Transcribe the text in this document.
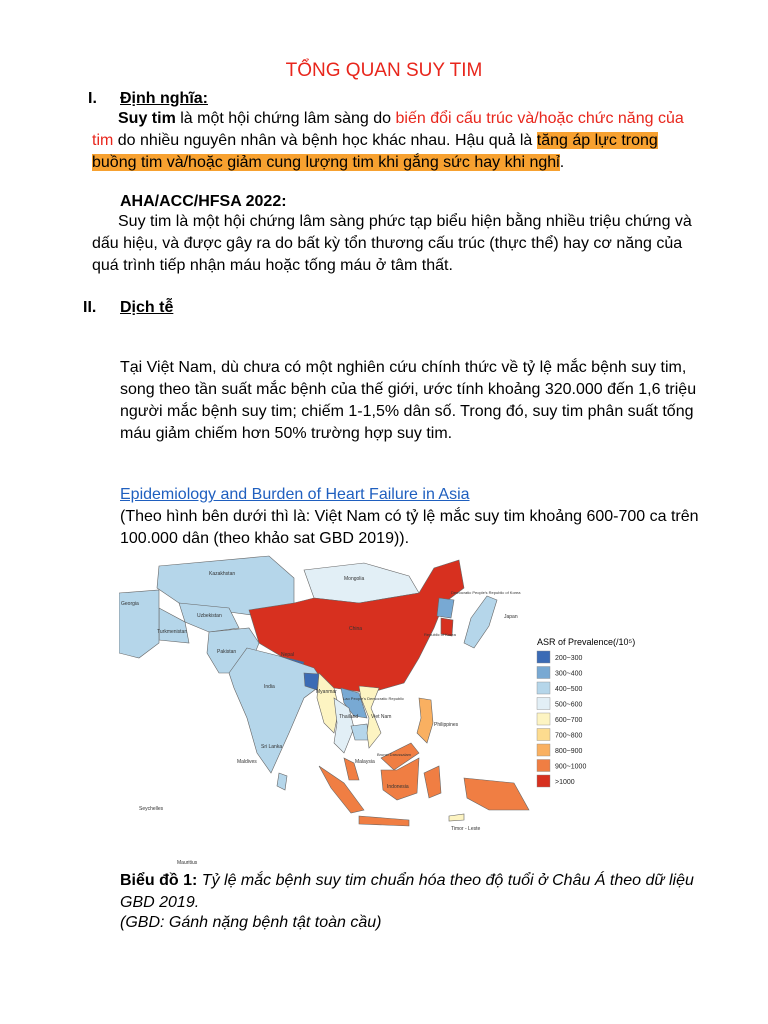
TỔNG QUAN SUY TIM
I. Định nghĩa:
Suy tim là một hội chứng lâm sàng do biến đổi cấu trúc và/hoặc chức năng của tim do nhiều nguyên nhân và bệnh học khác nhau. Hậu quả là tăng áp lực trong buồng tim và/hoặc giảm cung lượng tim khi gắng sức hay khi nghỉ.
AHA/ACC/HFSA 2022:
Suy tim là một hội chứng lâm sàng phức tạp biểu hiện bằng nhiều triệu chứng và dấu hiệu, và được gây ra do bất kỳ tổn thương cấu trúc (thực thể) hay cơ năng của quá trình tiếp nhận máu hoặc tống máu ở tâm thất.
II. Dịch tễ
Tại Việt Nam, dù chưa có một nghiên cứu chính thức về tỷ lệ mắc bệnh suy tim, song theo tần suất mắc bệnh của thế giới, ước tính khoảng 320.000 đến 1,6 triệu người mắc bệnh suy tim; chiếm 1-1,5% dân số. Trong đó, suy tim phân suất tống máu giảm chiếm hơn 50% trường hợp suy tim.
Epidemiology and Burden of Heart Failure in Asia
(Theo hình bên dưới thì là: Việt Nam có tỷ lệ mắc suy tim khoảng 600-700 ca trên 100.000 dân (theo khảo sat GBD 2019)).
Kazakhstan
Mongolia
Uzbekistan
Turkmenistan
Georgia
Democratic People's Republic of Korea
Japan
Republic of Korea
China
Pakistan	Nepal
India
Myanmar
Lao People's Democratic Republic
Thailand	Viet Nam
Philippines
Sri Lanka
Maldives
Brunei Darussalam
Malaysia
Indonesia
Seychelles
Timor - Leste
Mauritius
ASR of Prevalence(/10⁵)
200~300
300~400
400~500
500~600
600~700
700~800
800~900
900~1000
>1000
Biểu đồ 1: Tỷ lệ mắc bệnh suy tim chuẩn hóa theo độ tuổi ở Châu Á theo dữ liệu GBD 2019.
(GBD: Gánh nặng bệnh tật toàn cầu)
